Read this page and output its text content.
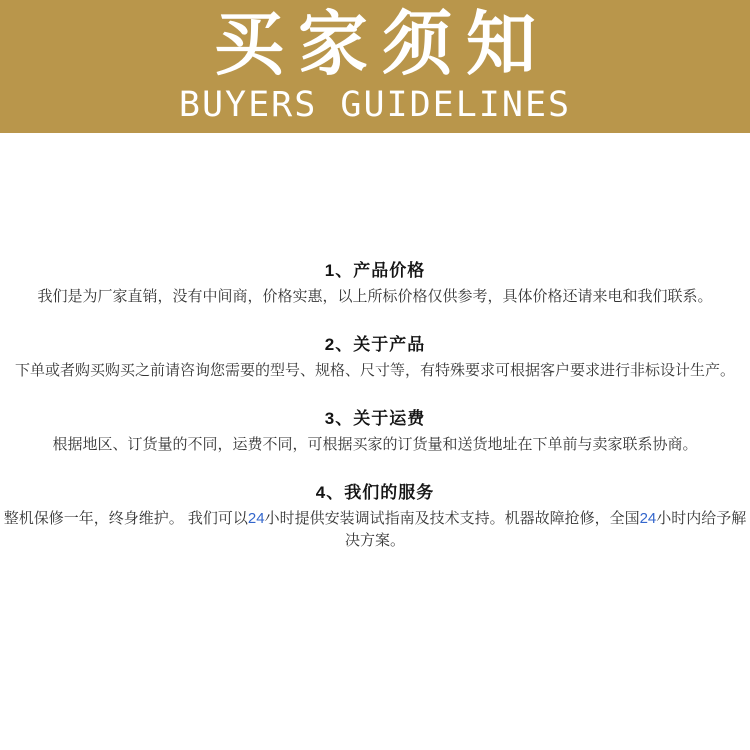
买家须知
BUYERS GUIDELINES
1、产品价格

我们是为厂家直销，没有中间商，价格实惠，以上所标价格仅供参考，具体价格还请来电和我们联系。

2、关于产品

下单或者购买购买之前请咨询您需要的型号、规格、尺寸等，有特殊要求可根据客户要求进行非标设计生产。

3、关于运费

根据地区、订货量的不同，运费不同，可根据买家的订货量和送货地址在下单前与卖家联系协商。

4、我们的服务

整机保修一年，终身维护。 我们可以24小时提供安装调试指南及技术支持。机器故障抢修，全国24小时内给予解决方案。
